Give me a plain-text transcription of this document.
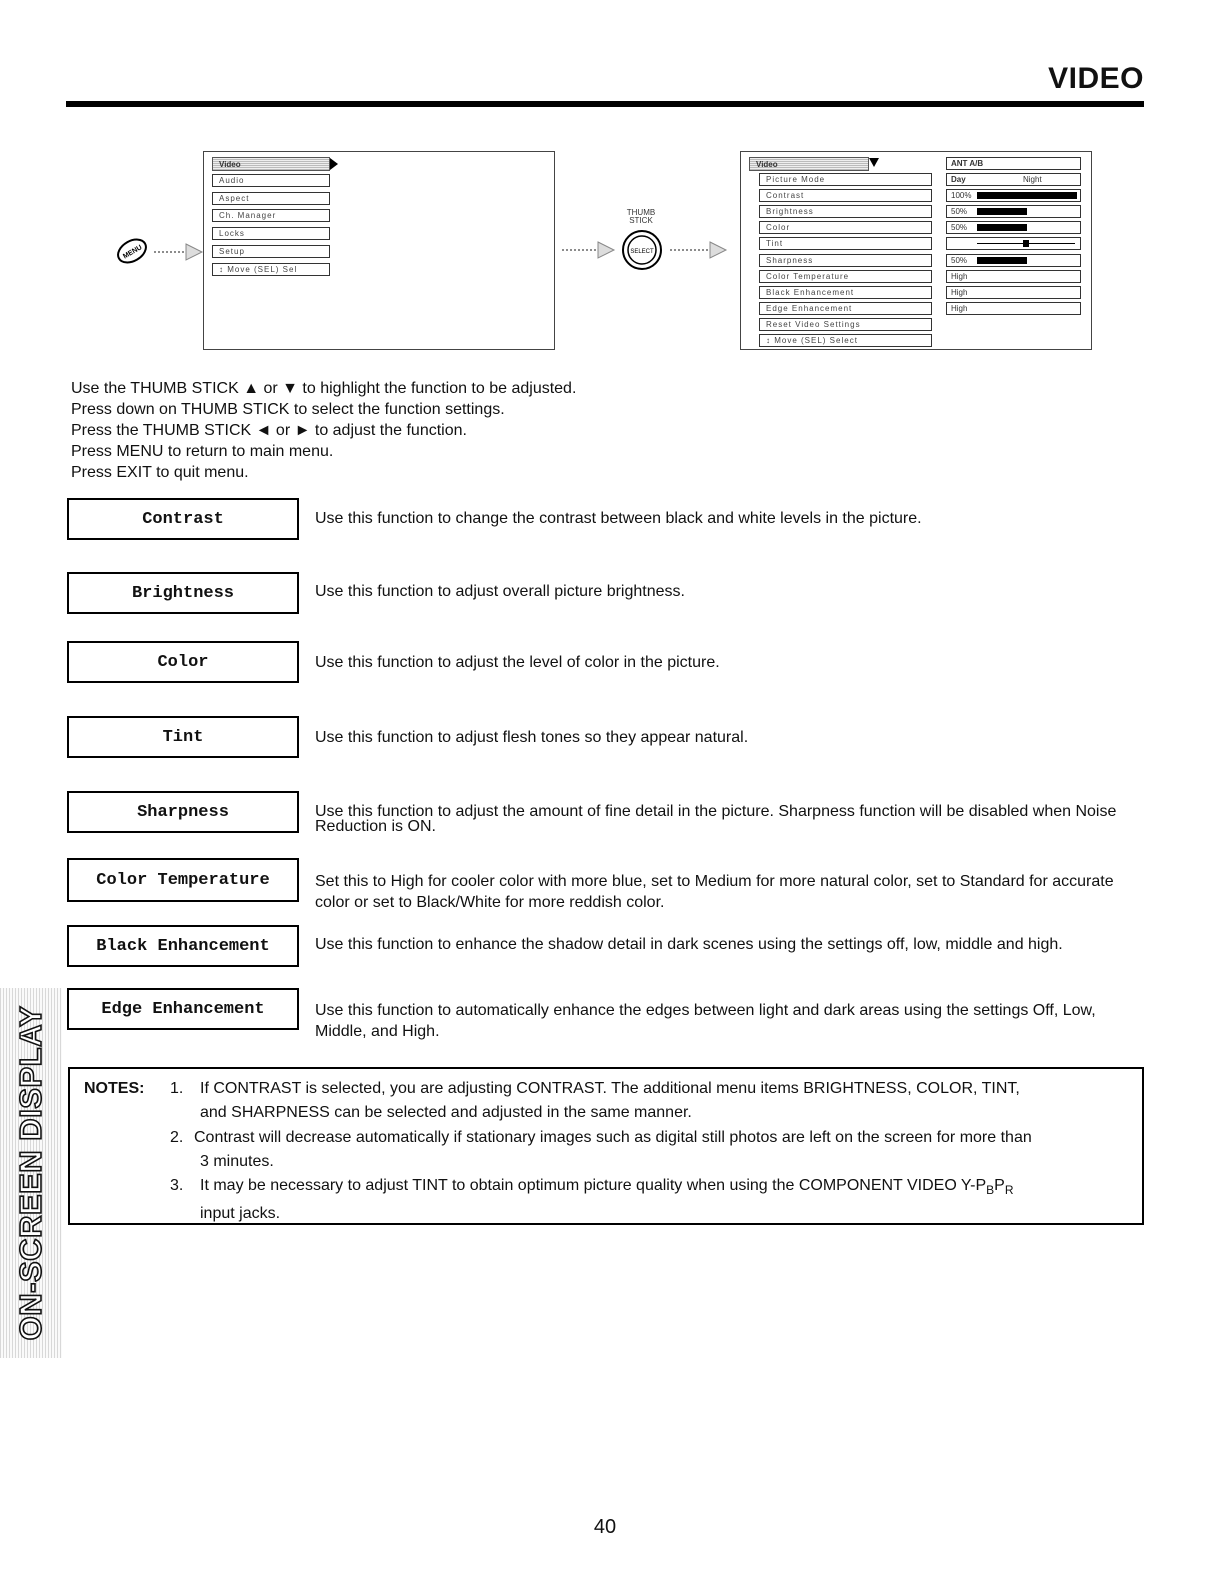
VIDEO
MENU
Video
Audio
Aspect
Ch. Manager
Locks
Setup
↕ Move (SEL) Sel
THUMB
STICK
SELECT
Video
Picture Mode
Contrast
Brightness
Color
Tint
Sharpness
Color Temperature
Black Enhancement
Edge Enhancement
Reset Video Settings
↕ Move (SEL) Select
ANT A/B
Day	Night
100%
50%
50%
50%
High
High
High
Use the THUMB STICK ▲ or ▼ to highlight the function to be adjusted.
Press down on THUMB STICK to select the function settings.
Press the THUMB STICK ◄ or ► to adjust the function.
Press MENU to return to main menu.
Press EXIT to quit menu.
Contrast	Use this function to change the contrast between black and white levels in the picture.
Brightness	Use this function to adjust overall picture brightness.
Color	Use this function to adjust the level of color in the picture.
Tint	Use this function to adjust flesh tones so they appear natural.
Sharpness	Use this function to adjust the amount of fine detail in the picture. Sharpness function will be disabled when Noise Reduction is ON.
Color Temperature	Set this to High for cooler color with more blue, set to Medium for more natural color, set to Standard for accurate color or set to Black/White for more reddish color.
Black Enhancement	Use this function to enhance the shadow detail in dark scenes using the settings off, low, middle and high.
Edge Enhancement	Use this function to automatically enhance the edges between light and dark areas using the settings Off, Low, Middle, and High.
ON-SCREEN DISPLAY NOTES: 1. If CONTRAST is selected, you are adjusting CONTRAST. The additional menu items BRIGHTNESS, COLOR, TINT,
and SHARPNESS can be selected and adjusted in the same manner.
2. Contrast will decrease automatically if stationary images such as digital still photos are left on the screen for more than
3 minutes.
3. It may be necessary to adjust TINT to obtain optimum picture quality when using the COMPONENT VIDEO $Y-P_BP_R$
input jacks.
40
